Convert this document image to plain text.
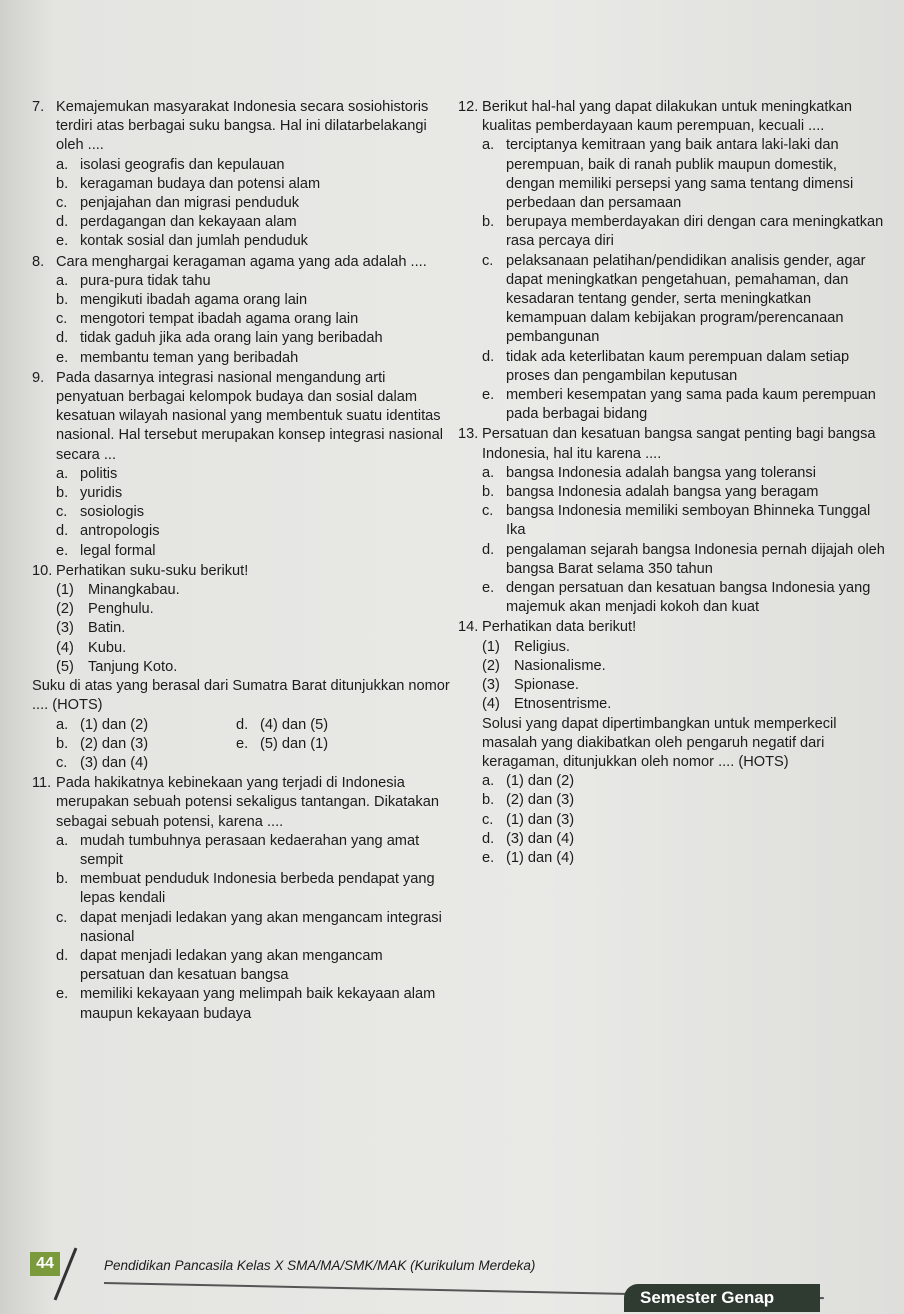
7. Kemajemukan masyarakat Indonesia secara sosiohistoris terdiri atas berbagai suku bangsa. Hal ini dilatarbelakangi oleh ....
a. isolasi geografis dan kepulauan
b. keragaman budaya dan potensi alam
c. penjajahan dan migrasi penduduk
d. perdagangan dan kekayaan alam
e. kontak sosial dan jumlah penduduk
8. Cara menghargai keragaman agama yang ada adalah ....
a. pura-pura tidak tahu
b. mengikuti ibadah agama orang lain
c. mengotori tempat ibadah agama orang lain
d. tidak gaduh jika ada orang lain yang beribadah
e. membantu teman yang beribadah
9. Pada dasarnya integrasi nasional mengandung arti penyatuan berbagai kelompok budaya dan sosial dalam kesatuan wilayah nasional yang membentuk suatu identitas nasional. Hal tersebut merupakan konsep integrasi nasional secara ...
a. politis
b. yuridis
c. sosiologis
d. antropologis
e. legal formal
10. Perhatikan suku-suku berikut!
(1) Minangkabau.
(2) Penghulu.
(3) Batin.
(4) Kubu.
(5) Tanjung Koto.
Suku di atas yang berasal dari Sumatra Barat ditunjukkan nomor .... (HOTS)
a. (1) dan (2)	d. (4) dan (5)
b. (2) dan (3)	e. (5) dan (1)
c. (3) dan (4)
11. Pada hakikatnya kebinekaan yang terjadi di Indonesia merupakan sebuah potensi sekaligus tantangan. Dikatakan sebagai sebuah potensi, karena ....
a. mudah tumbuhnya perasaan kedaerahan yang amat sempit
b. membuat penduduk Indonesia berbeda pendapat yang lepas kendali
c. dapat menjadi ledakan yang akan mengancam integrasi nasional
d. dapat menjadi ledakan yang akan mengancam persatuan dan kesatuan bangsa
e. memiliki kekayaan yang melimpah baik kekayaan alam maupun kekayaan budaya
12. Berikut hal-hal yang dapat dilakukan untuk meningkatkan kualitas pemberdayaan kaum perempuan, kecuali ....
a. terciptanya kemitraan yang baik antara laki-laki dan perempuan, baik di ranah publik maupun domestik, dengan memiliki persepsi yang sama tentang dimensi perbedaan dan persamaan
b. berupaya memberdayakan diri dengan cara meningkatkan rasa percaya diri
c. pelaksanaan pelatihan/pendidikan analisis gender, agar dapat meningkatkan pengetahuan, pemahaman, dan kesadaran tentang gender, serta meningkatkan kemampuan dalam kebijakan program/perencanaan pembangunan
d. tidak ada keterlibatan kaum perempuan dalam setiap proses dan pengambilan keputusan
e. memberi kesempatan yang sama pada kaum perempuan pada berbagai bidang
13. Persatuan dan kesatuan bangsa sangat penting bagi bangsa Indonesia, hal itu karena ....
a. bangsa Indonesia adalah bangsa yang toleransi
b. bangsa Indonesia adalah bangsa yang beragam
c. bangsa Indonesia memiliki semboyan Bhinneka Tunggal Ika
d. pengalaman sejarah bangsa Indonesia pernah dijajah oleh bangsa Barat selama 350 tahun
e. dengan persatuan dan kesatuan bangsa Indonesia yang majemuk akan menjadi kokoh dan kuat
14. Perhatikan data berikut!
(1) Religius.
(2) Nasionalisme.
(3) Spionase.
(4) Etnosentrisme.
Solusi yang dapat dipertimbangkan untuk memperkecil masalah yang diakibatkan oleh pengaruh negatif dari keragaman, ditunjukkan oleh nomor .... (HOTS)
a. (1) dan (2)
b. (2) dan (3)
c. (1) dan (3)
d. (3) dan (4)
e. (1) dan (4)
44	Pendidikan Pancasila Kelas X SMA/MA/SMK/MAK (Kurikulum Merdeka)
Semester Genap
